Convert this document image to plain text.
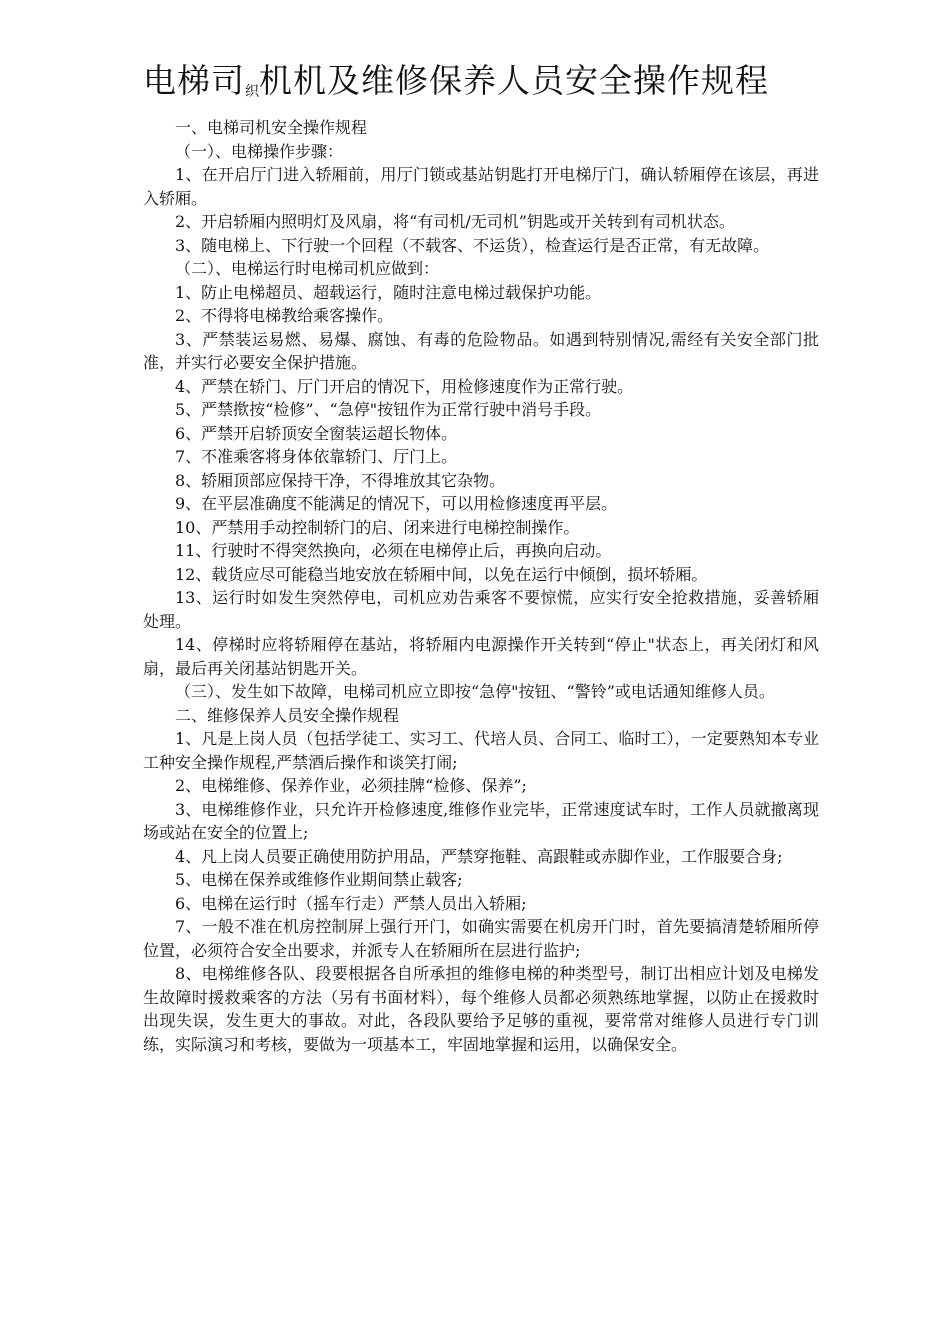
电梯司织机机及维修保养人员安全操作规程

一、电梯司机安全操作规程

（一）、电梯操作步骤：

1、在开启厅门进入轿厢前，用厅门锁或基站钥匙打开电梯厅门，确认轿厢停在该层，再进入轿厢。

2、开启轿厢内照明灯及风扇，将“有司机/无司机”钥匙或开关转到有司机状态。

3、随电梯上、下行驶一个回程（不载客、不运货），检查运行是否正常，有无故障。

（二）、电梯运行时电梯司机应做到：

1、防止电梯超员、超载运行，随时注意电梯过载保护功能。

2、不得将电梯教给乘客操作。

3、严禁装运易燃、易爆、腐蚀、有毒的危险物品。如遇到特别情况,需经有关安全部门批准，并实行必要安全保护措施。

4、严禁在轿门、厅门开启的情况下，用检修速度作为正常行驶。

5、严禁揿按“检修”、“急停"按钮作为正常行驶中消号手段。

6、严禁开启轿顶安全窗装运超长物体。

7、不准乘客将身体依靠轿门、厅门上。

8、轿厢顶部应保持干净，不得堆放其它杂物。

9、在平层准确度不能满足的情况下，可以用检修速度再平层。

10、严禁用手动控制轿门的启、闭来进行电梯控制操作。

11、行驶时不得突然换向，必须在电梯停止后，再换向启动。

12、载货应尽可能稳当地安放在轿厢中间，以免在运行中倾倒，损坏轿厢。

13、运行时如发生突然停电，司机应劝告乘客不要惊慌，应实行安全抢救措施，妥善轿厢处理。

14、停梯时应将轿厢停在基站，将轿厢内电源操作开关转到“停止"状态上，再关闭灯和风扇，最后再关闭基站钥匙开关。

（三）、发生如下故障，电梯司机应立即按“急停"按钮、“警铃”或电话通知维修人员。

二、维修保养人员安全操作规程

1、凡是上岗人员（包括学徒工、实习工、代培人员、合同工、临时工），一定要熟知本专业工种安全操作规程,严禁酒后操作和谈笑打闹;

2、电梯维修、保养作业，必须挂牌“检修、保养”;

3、电梯维修作业，只允许开检修速度,维修作业完毕，正常速度试车时，工作人员就撤离现场或站在安全的位置上;

4、凡上岗人员要正确使用防护用品，严禁穿拖鞋、高跟鞋或赤脚作业，工作服要合身;

5、电梯在保养或维修作业期间禁止载客;

6、电梯在运行时（摇车行走）严禁人员出入轿厢;

7、一般不准在机房控制屏上强行开门，如确实需要在机房开门时，首先要搞清楚轿厢所停位置，必须符合安全出要求，并派专人在轿厢所在层进行监护;

8、电梯维修各队、段要根据各自所承担的维修电梯的种类型号，制订出相应计划及电梯发生故障时援救乘客的方法（另有书面材料），每个维修人员都必须熟练地掌握，以防止在援救时出现失误，发生更大的事故。对此，各段队要给予足够的重视，要常常对维修人员进行专门训练，实际演习和考核，要做为一项基本工，牢固地掌握和运用，以确保安全。
